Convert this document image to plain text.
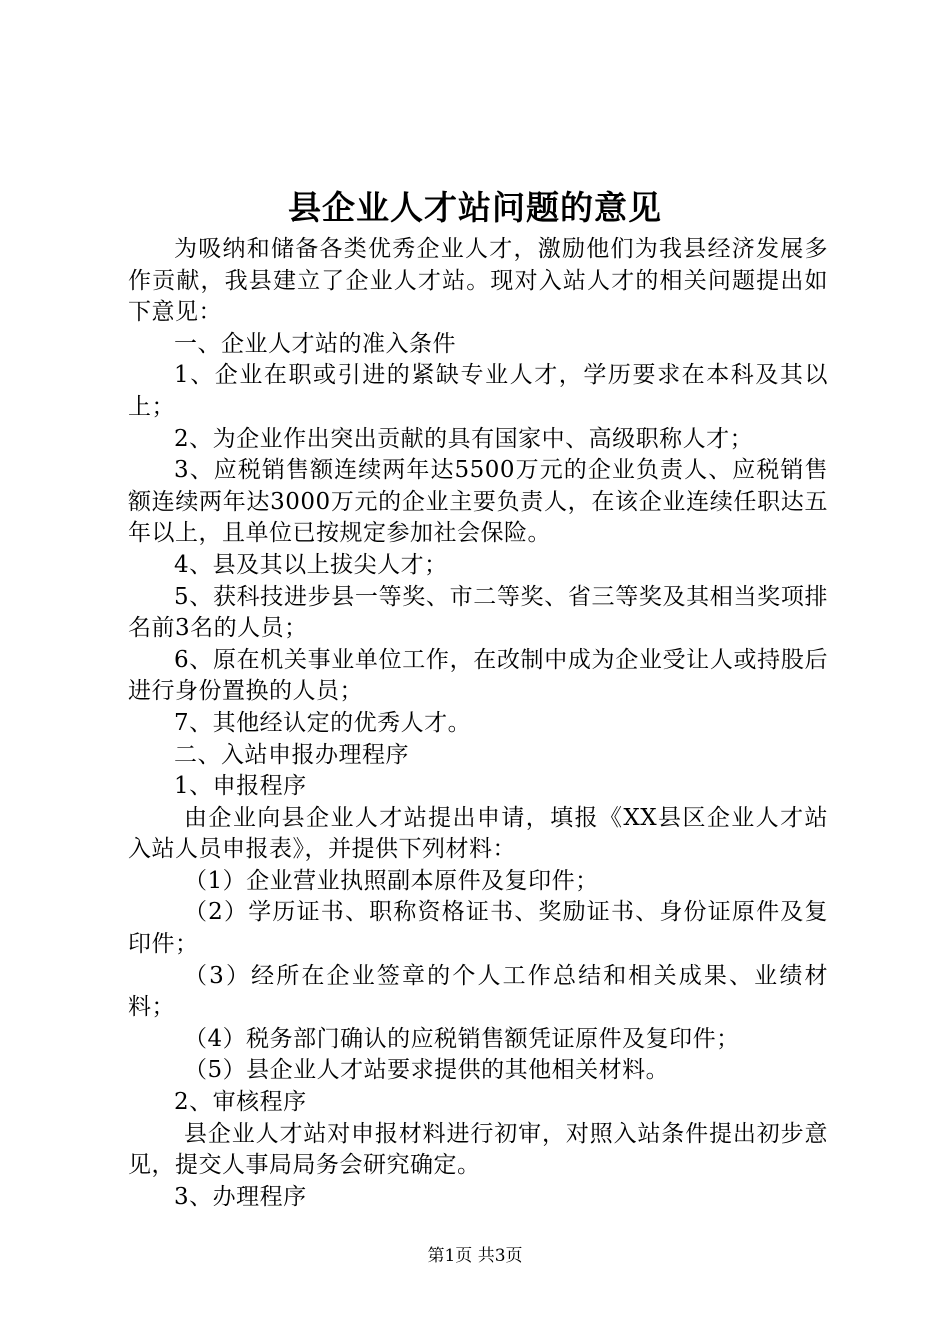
县企业人才站问题的意见

为吸纳和储备各类优秀企业人才，激励他们为我县经济发展多作贡献，我县建立了企业人才站。现对入站人才的相关问题提出如下意见：

一、企业人才站的准入条件

1、企业在职或引进的紧缺专业人才，学历要求在本科及其以上；

2、为企业作出突出贡献的具有国家中、高级职称人才；

3、应税销售额连续两年达5500万元的企业负责人、应税销售额连续两年达3000万元的企业主要负责人，在该企业连续任职达五年以上，且单位已按规定参加社会保险。

4、县及其以上拔尖人才；

5、获科技进步县一等奖、市二等奖、省三等奖及其相当奖项排名前3名的人员；

6、原在机关事业单位工作，在改制中成为企业受让人或持股后进行身份置换的人员；

7、其他经认定的优秀人才。

二、入站申报办理程序

1、申报程序

由企业向县企业人才站提出申请，填报《XX县区企业人才站入站人员申报表》，并提供下列材料：

（1）企业营业执照副本原件及复印件；

（2）学历证书、职称资格证书、奖励证书、身份证原件及复印件；

（3）经所在企业签章的个人工作总结和相关成果、业绩材料；

（4）税务部门确认的应税销售额凭证原件及复印件；

（5）县企业人才站要求提供的其他相关材料。

2、审核程序

县企业人才站对申报材料进行初审，对照入站条件提出初步意见，提交人事局局务会研究确定。

3、办理程序

第1页 共3页
